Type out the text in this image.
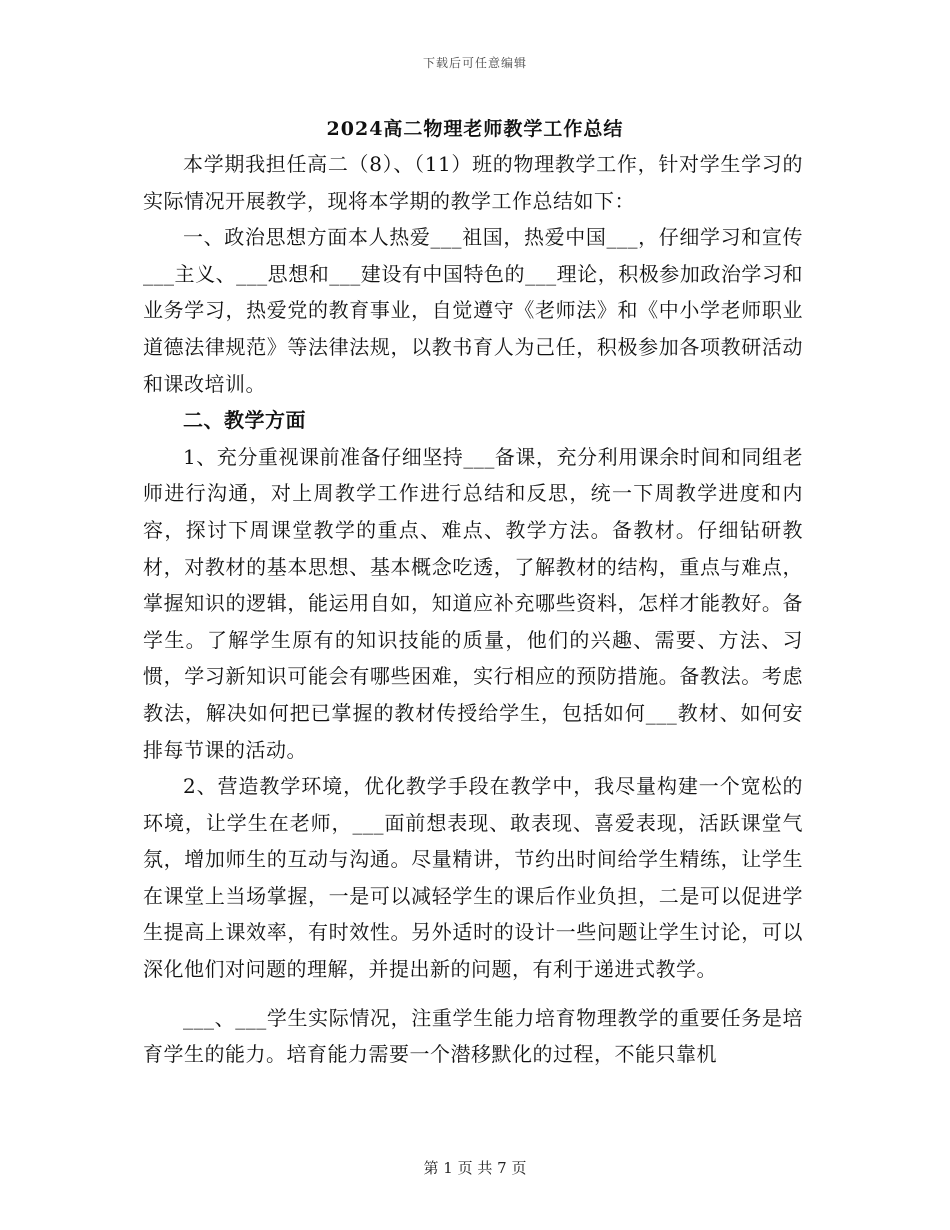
下载后可任意编辑
2024高二物理老师教学工作总结

本学期我担任高二（8）、（11）班的物理教学工作，针对学生学习的实际情况开展教学，现将本学期的教学工作总结如下：

一、政治思想方面本人热爱___祖国，热爱中国___，仔细学习和宣传___主义、___思想和___建设有中国特色的___理论，积极参加政治学习和业务学习，热爱党的教育事业，自觉遵守《老师法》和《中小学老师职业道德法律规范》等法律法规，以教书育人为己任，积极参加各项教研活动和课改培训。

二、教学方面

1、充分重视课前准备仔细坚持___备课，充分利用课余时间和同组老师进行沟通，对上周教学工作进行总结和反思，统一下周教学进度和内容，探讨下周课堂教学的重点、难点、教学方法。备教材。仔细钻研教材，对教材的基本思想、基本概念吃透，了解教材的结构，重点与难点，掌握知识的逻辑，能运用自如，知道应补充哪些资料，怎样才能教好。备学生。了解学生原有的知识技能的质量，他们的兴趣、需要、方法、习惯，学习新知识可能会有哪些困难，实行相应的预防措施。备教法。考虑教法，解决如何把已掌握的教材传授给学生，包括如何___教材、如何安排每节课的活动。

2、营造教学环境，优化教学手段在教学中，我尽量构建一个宽松的环境，让学生在老师，___面前想表现、敢表现、喜爱表现，活跃课堂气氛，增加师生的互动与沟通。尽量精讲，节约出时间给学生精练，让学生在课堂上当场掌握，一是可以减轻学生的课后作业负担，二是可以促进学生提高上课效率，有时效性。另外适时的设计一些问题让学生讨论，可以深化他们对问题的理解，并提出新的问题，有利于递进式教学。

___、___学生实际情况，注重学生能力培育物理教学的重要任务是培育学生的能力。培育能力需要一个潜移默化的过程，不能只靠机

第 1 页 共 7 页
